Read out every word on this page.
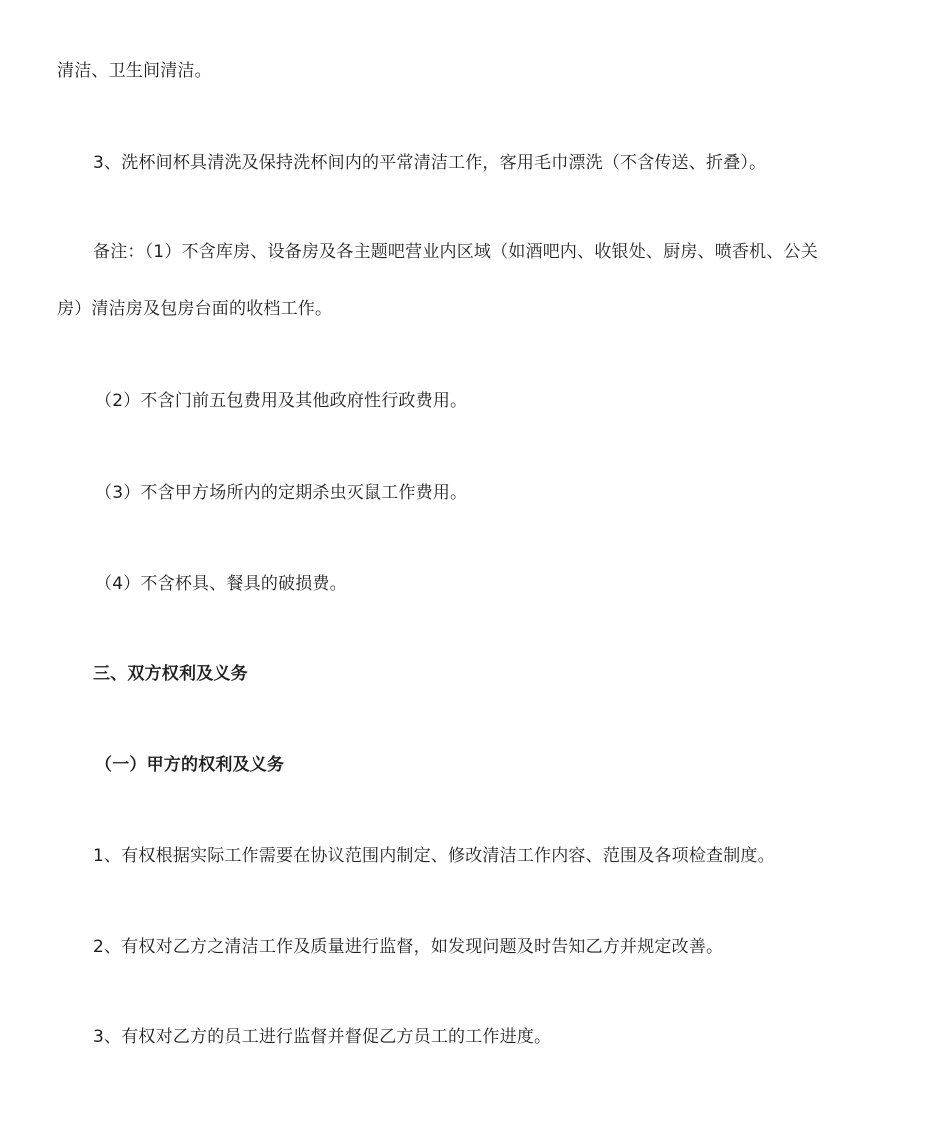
清洁、卫生间清洁。
3、洗杯间杯具清洗及保持洗杯间内的平常清洁工作，客用毛巾漂洗（不含传送、折叠）。
备注：（1）不含库房、设备房及各主题吧营业内区域（如酒吧内、收银处、厨房、喷香机、公关
房）清洁房及包房台面的收档工作。
（2）不含门前五包费用及其他政府性行政费用。
（3）不含甲方场所内的定期杀虫灭鼠工作费用。
（4）不含杯具、餐具的破损费。
三、双方权利及义务
（一）甲方的权利及义务
1、有权根据实际工作需要在协议范围内制定、修改清洁工作内容、范围及各项检查制度。
2、有权对乙方之清洁工作及质量进行监督，如发现问题及时告知乙方并规定改善。
3、有权对乙方的员工进行监督并督促乙方员工的工作进度。
